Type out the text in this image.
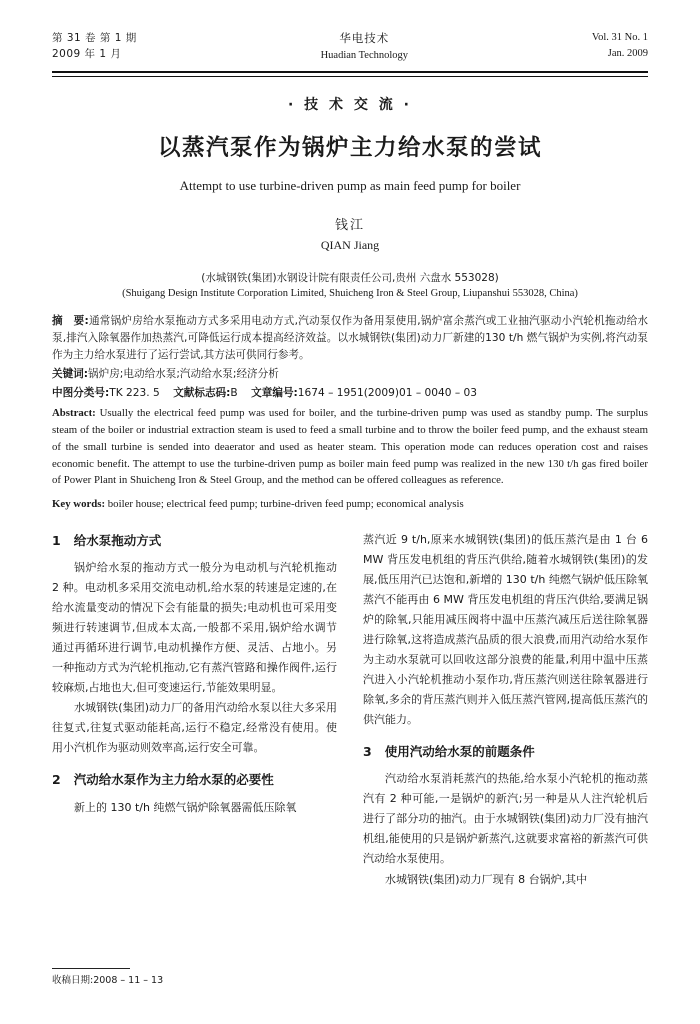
第 31 卷 第 1 期
2009 年 1 月
华电技术
Huadian Technology
Vol. 31 No. 1
Jan. 2009
· 技 术 交 流 ·
以蒸汽泵作为锅炉主力给水泵的尝试
Attempt to use turbine-driven pump as main feed pump for boiler
钱江
QIAN Jiang
(水城钢铁(集团)水钢设计院有限责任公司,贵州 六盘水 553028)
(Shuigang Design Institute Corporation Limited, Shuicheng Iron & Steel Group, Liupanshui 553028, China)
摘　要:通常锅炉房给水泵拖动方式多采用电动方式,汽动泵仅作为备用泵使用,锅炉富余蒸汽或工业抽汽驱动小汽轮机拖动给水泵,排汽入除氧器作加热蒸汽,可降低运行成本提高经济效益。以水城钢铁(集团)动力厂新建的130 t/h 燃气锅炉为实例,将汽动泵作为主力给水泵进行了运行尝试,其方法可供同行参考。
关键词:锅炉房;电动给水泵;汽动给水泵;经济分析
中图分类号:TK 223. 5 文献标志码:B 文章编号:1674 – 1951(2009)01 – 0040 – 03
Abstract: Usually the electrical feed pump was used for boiler, and the turbine-driven pump was used as standby pump. The surplus steam of the boiler or industrial extraction steam is used to feed a small turbine and to throw the boiler feed pump, and the exhaust steam of the small turbine is sended into deaerator and used as heater steam. This operation mode can reduces operation cost and raises economic benefit. The attempt to use the turbine-driven pump as boiler main feed pump was realized in the new 130 t/h gas fired boiler of Power Plant in Shuicheng Iron & Steel Group, and the method can be offered colleagues as reference.
Key words: boiler house; electrical feed pump; turbine-driven feed pump; economical analysis
1 给水泵拖动方式

锅炉给水泵的拖动方式一般分为电动机与汽轮机拖动 2 种。电动机多采用交流电动机,给水泵的转速是定速的,在给水流量变动的情况下会有能量的损失;电动机也可采用变频进行转速调节,但成本太高,一般都不采用,锅炉给水调节通过再循环进行调节,电动机操作方便、灵活、占地小。另一种拖动方式为汽轮机拖动,它有蒸汽管路和操作阀件,运行较麻烦,占地也大,但可变速运行,节能效果明显。

水城钢铁(集团)动力厂的备用汽动给水泵以往大多采用往复式,往复式驱动能耗高,运行不稳定,经常没有使用。使用小汽机作为驱动则效率高,运行安全可靠。

2 汽动给水泵作为主力给水泵的必要性

新上的 130 t/h 纯燃气锅炉除氧器需低压除氧

蒸汽近 9 t/h,原来水城钢铁(集团)的低压蒸汽是由 1 台 6 MW 背压发电机组的背压汽供给,随着水城钢铁(集团)的发展,低压用汽已达饱和,新增的 130 t/h 纯燃气锅炉低压除氧蒸汽不能再由 6 MW 背压发电机组的背压汽供给,要满足锅炉的除氧,只能用减压阀将中温中压蒸汽减压后送往除氧器进行除氧,这将造成蒸汽品质的很大浪费,而用汽动给水泵作为主动水泵就可以回收这部分浪费的能量,利用中温中压蒸汽进入小汽轮机推动小泵作功,背压蒸汽则送往除氧器进行除氧,多余的背压蒸汽则并入低压蒸汽管网,提高低压蒸汽的供汽能力。

3 使用汽动给水泵的前题条件

汽动给水泵消耗蒸汽的热能,给水泵小汽轮机的拖动蒸汽有 2 种可能,一是锅炉的新汽;另一种是从人注汽轮机后进行了部分功的抽汽。由于水城钢铁(集团)动力厂没有抽汽机组,能使用的只是锅炉新蒸汽,这就要求富裕的新蒸汽可供汽动给水泵使用。

水城钢铁(集团)动力厂现有 8 台锅炉,其中

收稿日期:2008 – 11 – 13
